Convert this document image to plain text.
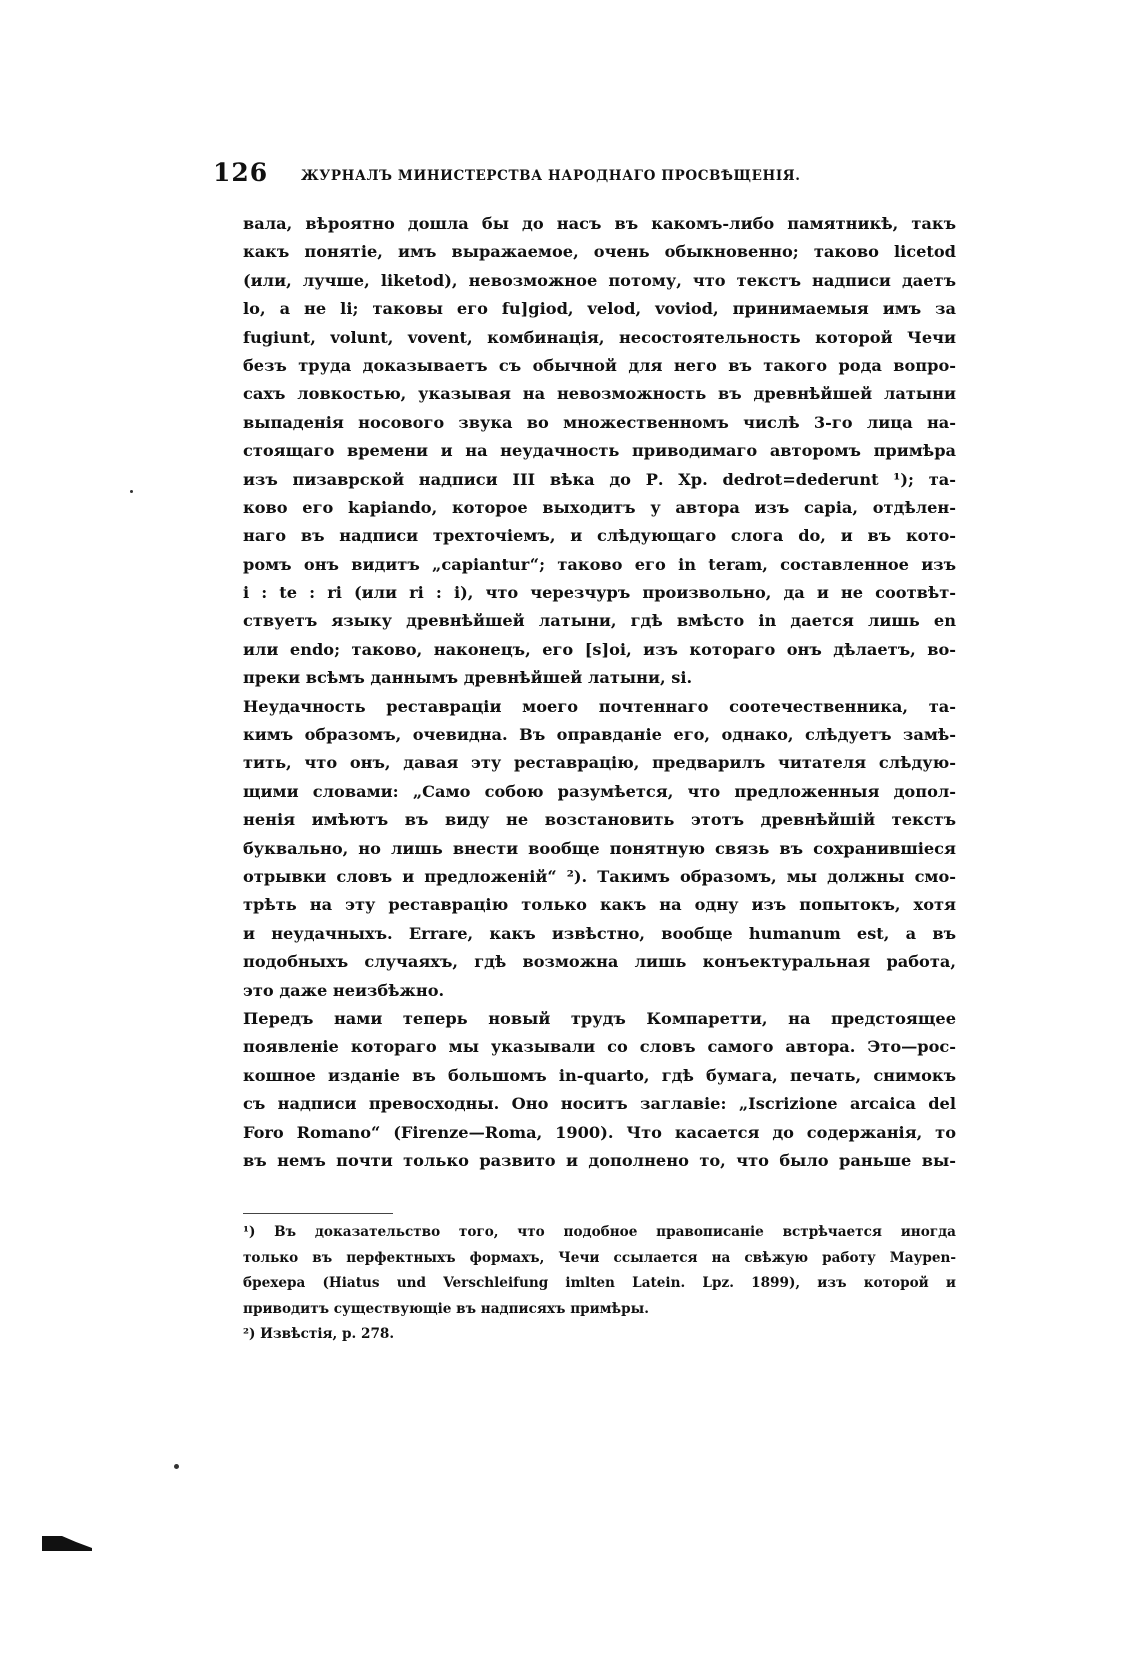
126 ЖУРНАЛЪ МИНИСТЕРСТВА НАРОДНАГО ПРОСВѢЩЕНІЯ.
вала, вѣроятно дошла бы до насъ въ какомъ-либо памятникѣ, такъ
какъ понятіе, имъ выражаемое, очень обыкновенно; таково licetod
(или, лучше, liketod), невозможное потому, что текстъ надписи даетъ
lo, а не li; таковы его fu]giod, velod, voviod, принимаемыя имъ за
fugiunt, volunt, vovent, комбинація, несостоятельность которой Чечи
безъ труда доказываетъ съ обычной для него въ такого рода вопро-
сахъ ловкостью, указывая на невозможность въ древнѣйшей латыни
выпаденія носового звука во множественномъ числѣ 3-го лица на-
стоящаго времени и на неудачность приводимаго авторомъ примѣра
изъ пизаврской надписи III вѣка до Р. Хр. dedrot=dederunt ¹); та-
ково его kapiando, которое выходитъ у автора изъ capia, отдѣлен-
наго въ надписи трехточіемъ, и слѣдующаго слога do, и въ кото-
ромъ онъ видитъ „capiantur“; таково его in teram, составленное изъ
i : te : ri (или ri : i), что черезчуръ произвольно, да и не соотвѣт-
ствуетъ языку древнѣйшей латыни, гдѣ вмѣсто in дается лишь en
или endo; таково, наконецъ, его [s]oi, изъ котораго онъ дѣлаетъ, во-
преки всѣмъ даннымъ древнѣйшей латыни, si.
Неудачность реставраціи моего почтеннаго соотечественника, та-
кимъ образомъ, очевидна. Въ оправданіе его, однако, слѣдуетъ замѣ-
тить, что онъ, давая эту реставрацію, предварилъ читателя слѣдую-
щими словами: „Само собою разумѣется, что предложенныя допол-
ненія имѣютъ въ виду не возстановить этотъ древнѣйшій текстъ
буквально, но лишь внести вообще понятную связь въ сохранившіеся
отрывки словъ и предложеній“ ²). Такимъ образомъ, мы должны смо-
трѣть на эту реставрацію только какъ на одну изъ попытокъ, хотя
и неудачныхъ. Errare, какъ извѣстно, вообще humanum est, а въ
подобныхъ случаяхъ, гдѣ возможна лишь конъектуральная работа,
это даже неизбѣжно.
Передъ нами теперь новый трудъ Компаретти, на предстоящее
появленіе котораго мы указывали со словъ самого автора. Это—рос-
кошное изданіе въ большомъ in-quarto, гдѣ бумага, печать, снимокъ
съ надписи превосходны. Оно носитъ заглавіе: „Iscrizione arcaica del
Foro Romano“ (Firenze—Roma, 1900). Что касается до содержанія, то
въ немъ почти только развито и дополнено то, что было раньше вы-
¹) Въ доказательство того, что подобное правописаніе встрѣчается иногда
только въ перфектныхъ формахъ, Чечи ссылается на свѣжую работу Мауреn-
брехера (Hiatus und Verschleifung imlten Latein. Lpz. 1899), изъ которой и
приводитъ существующіе въ надписяхъ примѣры.
²) Извѣстія, p. 278.
